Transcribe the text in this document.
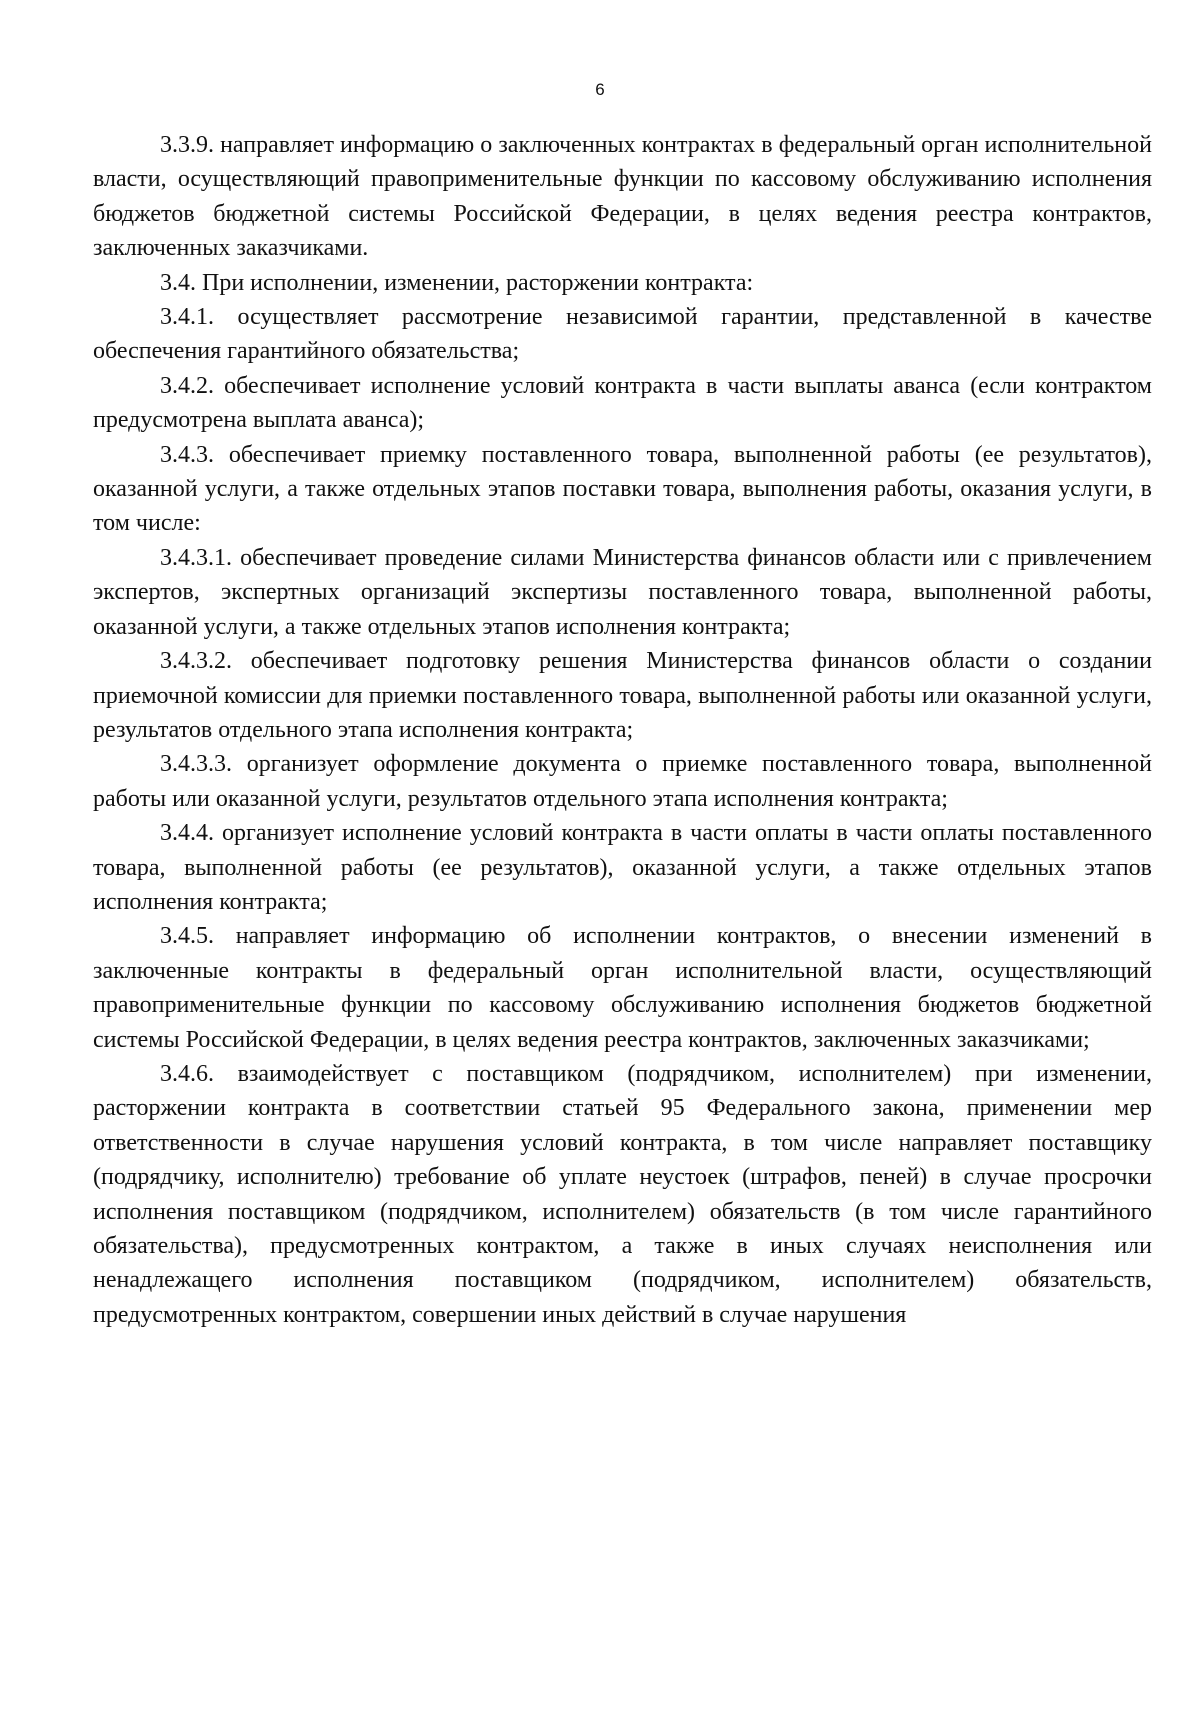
6

3.3.9. направляет информацию о заключенных контрактах в федеральный орган исполнительной власти, осуществляющий правоприменительные функции по кассовому обслуживанию исполнения бюджетов бюджетной системы Российской Федерации, в целях ведения реестра контрактов, заключенных заказчиками.

3.4. При исполнении, изменении, расторжении контракта:

3.4.1. осуществляет рассмотрение независимой гарантии, представленной в качестве обеспечения гарантийного обязательства;

3.4.2. обеспечивает исполнение условий контракта в части выплаты аванса (если контрактом предусмотрена выплата аванса);

3.4.3. обеспечивает приемку поставленного товара, выполненной работы (ее результатов), оказанной услуги, а также отдельных этапов поставки товара, выполнения работы, оказания услуги, в том числе:

3.4.3.1. обеспечивает проведение силами Министерства финансов области или с привлечением экспертов, экспертных организаций экспертизы поставленного товара, выполненной работы, оказанной услуги, а также отдельных этапов исполнения контракта;

3.4.3.2. обеспечивает подготовку решения Министерства финансов области о создании приемочной комиссии для приемки поставленного товара, выполненной работы или оказанной услуги, результатов отдельного этапа исполнения контракта;

3.4.3.3. организует оформление документа о приемке поставленного товара, выполненной работы или оказанной услуги, результатов отдельного этапа исполнения контракта;

3.4.4. организует исполнение условий контракта в части оплаты в части оплаты поставленного товара, выполненной работы (ее результатов), оказанной услуги, а также отдельных этапов исполнения контракта;

3.4.5. направляет информацию об исполнении контрактов, о внесении изменений в заключенные контракты в федеральный орган исполнительной власти, осуществляющий правоприменительные функции по кассовому обслуживанию исполнения бюджетов бюджетной системы Российской Федерации, в целях ведения реестра контрактов, заключенных заказчиками;

3.4.6. взаимодействует с поставщиком (подрядчиком, исполнителем) при изменении, расторжении контракта в соответствии статьей 95 Федерального закона, применении мер ответственности в случае нарушения условий контракта, в том числе направляет поставщику (подрядчику, исполнителю) требование об уплате неустоек (штрафов, пеней) в случае просрочки исполнения поставщиком (подрядчиком, исполнителем) обязательств (в том числе гарантийного обязательства), предусмотренных контрактом, а также в иных случаях неисполнения или ненадлежащего исполнения поставщиком (подрядчиком, исполнителем) обязательств, предусмотренных контрактом, совершении иных действий в случае нарушения
